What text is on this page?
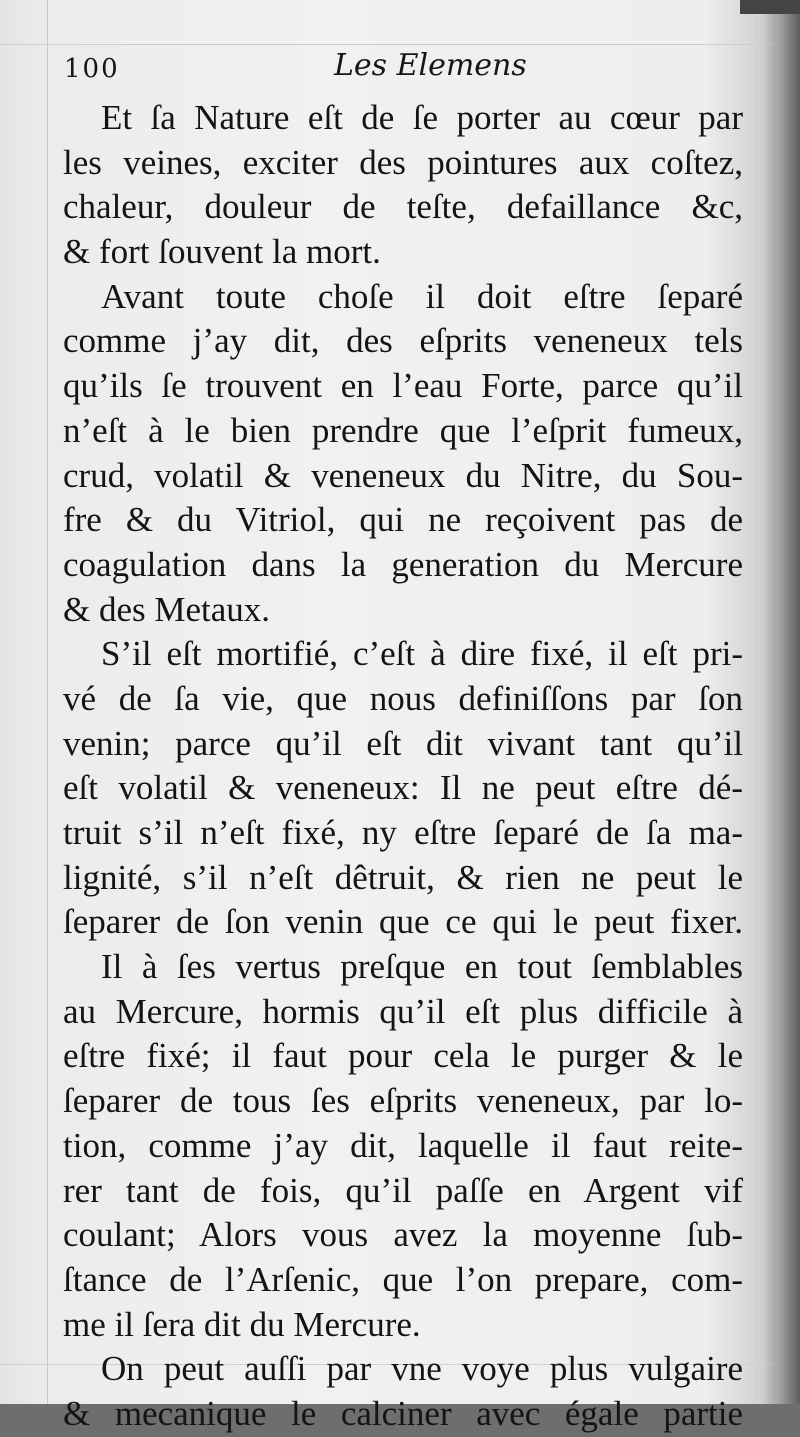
100	Les Elemens
Et ſa Nature eſt de ſe porter au cœur par
les veines, exciter des pointures aux coſtez,
chaleur, douleur de teſte, defaillance &c,
& fort ſouvent la mort.
Avant toute choſe il doit eſtre ſeparé
comme j’ay dit, des eſprits veneneux tels
qu’ils ſe trouvent en l’eau Forte, parce qu’il
n’eſt à le bien prendre que l’eſprit fumeux,
crud, volatil & veneneux du Nitre, du Sou-
fre & du Vitriol, qui ne reçoivent pas de
coagulation dans la generation du Mercure
& des Metaux.
S’il eſt mortifié, c’eſt à dire fixé, il eſt pri-
vé de ſa vie, que nous definiſſons par ſon
venin; parce qu’il eſt dit vivant tant qu’il
eſt volatil & veneneux: Il ne peut eſtre dé-
truit s’il n’eſt fixé, ny eſtre ſeparé de ſa ma-
lignité, s’il n’eſt dêtruit, & rien ne peut le
ſeparer de ſon venin que ce qui le peut fixer.
Il à ſes vertus preſque en tout ſemblables
au Mercure, hormis qu’il eſt plus difficile à
eſtre fixé; il faut pour cela le purger & le
ſeparer de tous ſes eſprits veneneux, par lo-
tion, comme j’ay dit, laquelle il faut reite-
rer tant de fois, qu’il paſſe en Argent vif
coulant; Alors vous avez la moyenne ſub-
ſtance de l’Arſenic, que l’on prepare, com-
me il ſera dit du Mercure.
On peut auſſi par vne voye plus vulgaire
& mecanique le calciner avec égale partie
